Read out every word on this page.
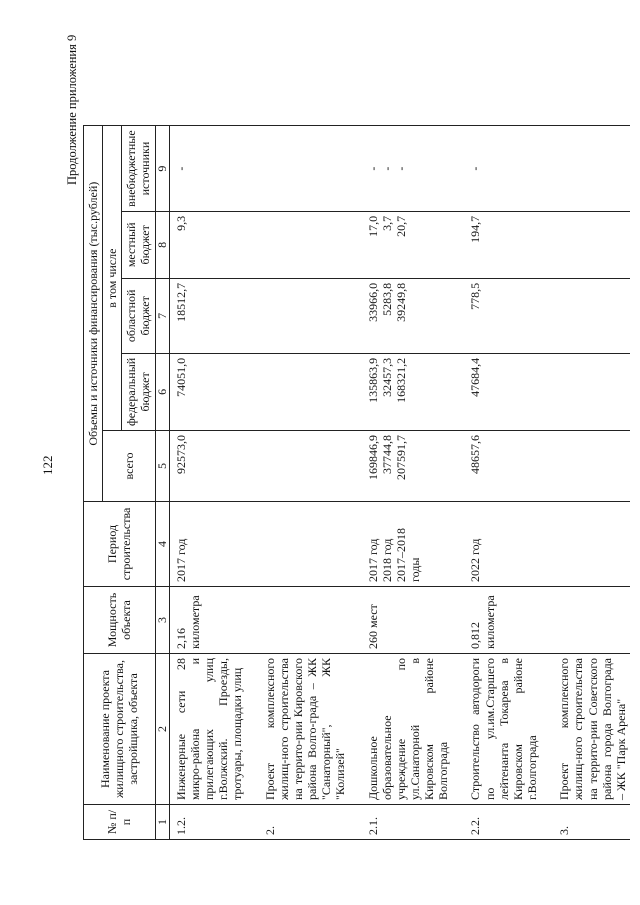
122
Продолжение приложения 9
№ п/п	Наименование проекта жилищного строительства, застройщика, объекта	Мощность объекта	Период строительства	Объемы и источники финансирования (тыс.рублей)				
				всего	в том числе			
					федеральный бюджет	областной бюджет	местный бюджет	внебюджетные источники
1	2	3	4	5	6	7	8	9
1.2.	Инженерные сети 28 микро-района и прилегающих улиц г.Волжский. Проезды, тротуары, площадки улиц	2,16 километра	2017 год	92573,0	74051,0	18512,7	9,3	-

2.	Проект комплексного жилищ-ного строительства на террито-рии Кировского района Волго-града – ЖК "Санаторный", ЖК "Колизей"							
2.1.	Дошкольное образовательное учреждение по ул.Санаторной в Кировском районе Волгограда	260 мест	2017 год 2018 год 2017–2018 годы	169846,9 37744,8 207591,7	135863,9 32457,3 168321,2	33966,0 5283,8 39249,8	17,0 3,7 20,7	- - -

2.2.	Строительство автодороги по ул.им.Старшего лейтенанта Токарева в Кировском районе г.Волгограда	0,812 километра	2022 год	48657,6	47684,4	778,5	194,7	-

3.	Проект комплексного жилищ-ного строительства на террито-рии Советского района города Волгограда – ЖК "Парк Арена"							
